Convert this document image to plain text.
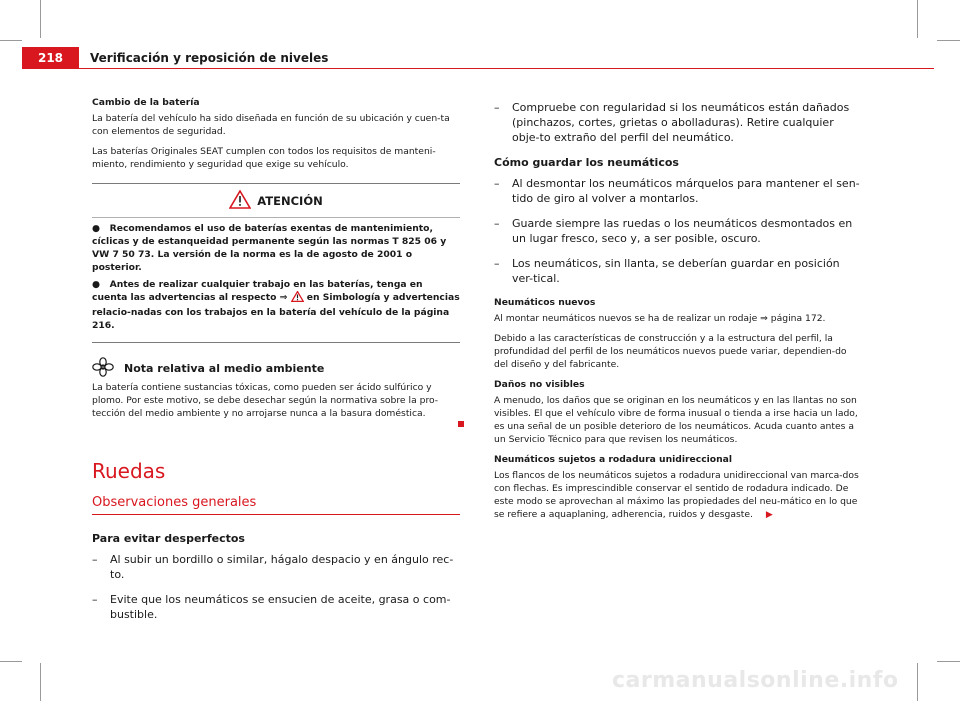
218	Verificación y reposición de niveles
Cambio de la batería

La batería del vehículo ha sido diseñada en función de su ubicación y cuen-ta con elementos de seguridad.

Las baterías Originales SEAT cumplen con todos los requisitos de manteni-miento, rendimiento y seguridad que exige su vehículo.

ATENCIÓN
● Recomendamos el uso de baterías exentas de mantenimiento, cíclicas y de estanqueidad permanente según las normas T 825 06 y VW 7 50 73. La versión de la norma es la de agosto de 2001 o posterior.
● Antes de realizar cualquier trabajo en las baterías, tenga en cuenta las advertencias al respecto ⇒ en Simbología y advertencias relacio-nadas con los trabajos en la batería del vehículo de la página 216.
Nota relativa al medio ambiente

La batería contiene sustancias tóxicas, como pueden ser ácido sulfúrico y plomo. Por este motivo, se debe desechar según la normativa sobre la pro-tección del medio ambiente y no arrojarse nunca a la basura doméstica.

Ruedas
Observaciones generales
Para evitar desperfectos
–	Al subir un bordillo o similar, hágalo despacio y en ángulo rec-to.
–	Evite que los neumáticos se ensucien de aceite, grasa o com-bustible.
–	Compruebe con regularidad si los neumáticos están dañados (pinchazos, cortes, grietas o abolladuras). Retire cualquier obje-to extraño del perfil del neumático.
Cómo guardar los neumáticos
–	Al desmontar los neumáticos márquelos para mantener el sen-tido de giro al volver a montarlos.
–	Guarde siempre las ruedas o los neumáticos desmontados en un lugar fresco, seco y, a ser posible, oscuro.
–	Los neumáticos, sin llanta, se deberían guardar en posición ver-tical.
Neumáticos nuevos

Al montar neumáticos nuevos se ha de realizar un rodaje ⇒ página 172.

Debido a las características de construcción y a la estructura del perfil, la profundidad del perfil de los neumáticos nuevos puede variar, dependien-do del diseño y del fabricante.

Daños no visibles

A menudo, los daños que se originan en los neumáticos y en las llantas no son visibles. El que el vehículo vibre de forma inusual o tienda a irse hacia un lado, es una señal de un posible deterioro de los neumáticos. Acuda cuanto antes a un Servicio Técnico para que revisen los neumáticos.

Neumáticos sujetos a rodadura unidireccional

Los flancos de los neumáticos sujetos a rodadura unidireccional van marca-dos con flechas. Es imprescindible conservar el sentido de rodadura indicado. De este modo se aprovechan al máximo las propiedades del neu-mático en lo que se refiere a aquaplaning, adherencia, ruidos y desgaste. ▶

carmanualsonline.info
